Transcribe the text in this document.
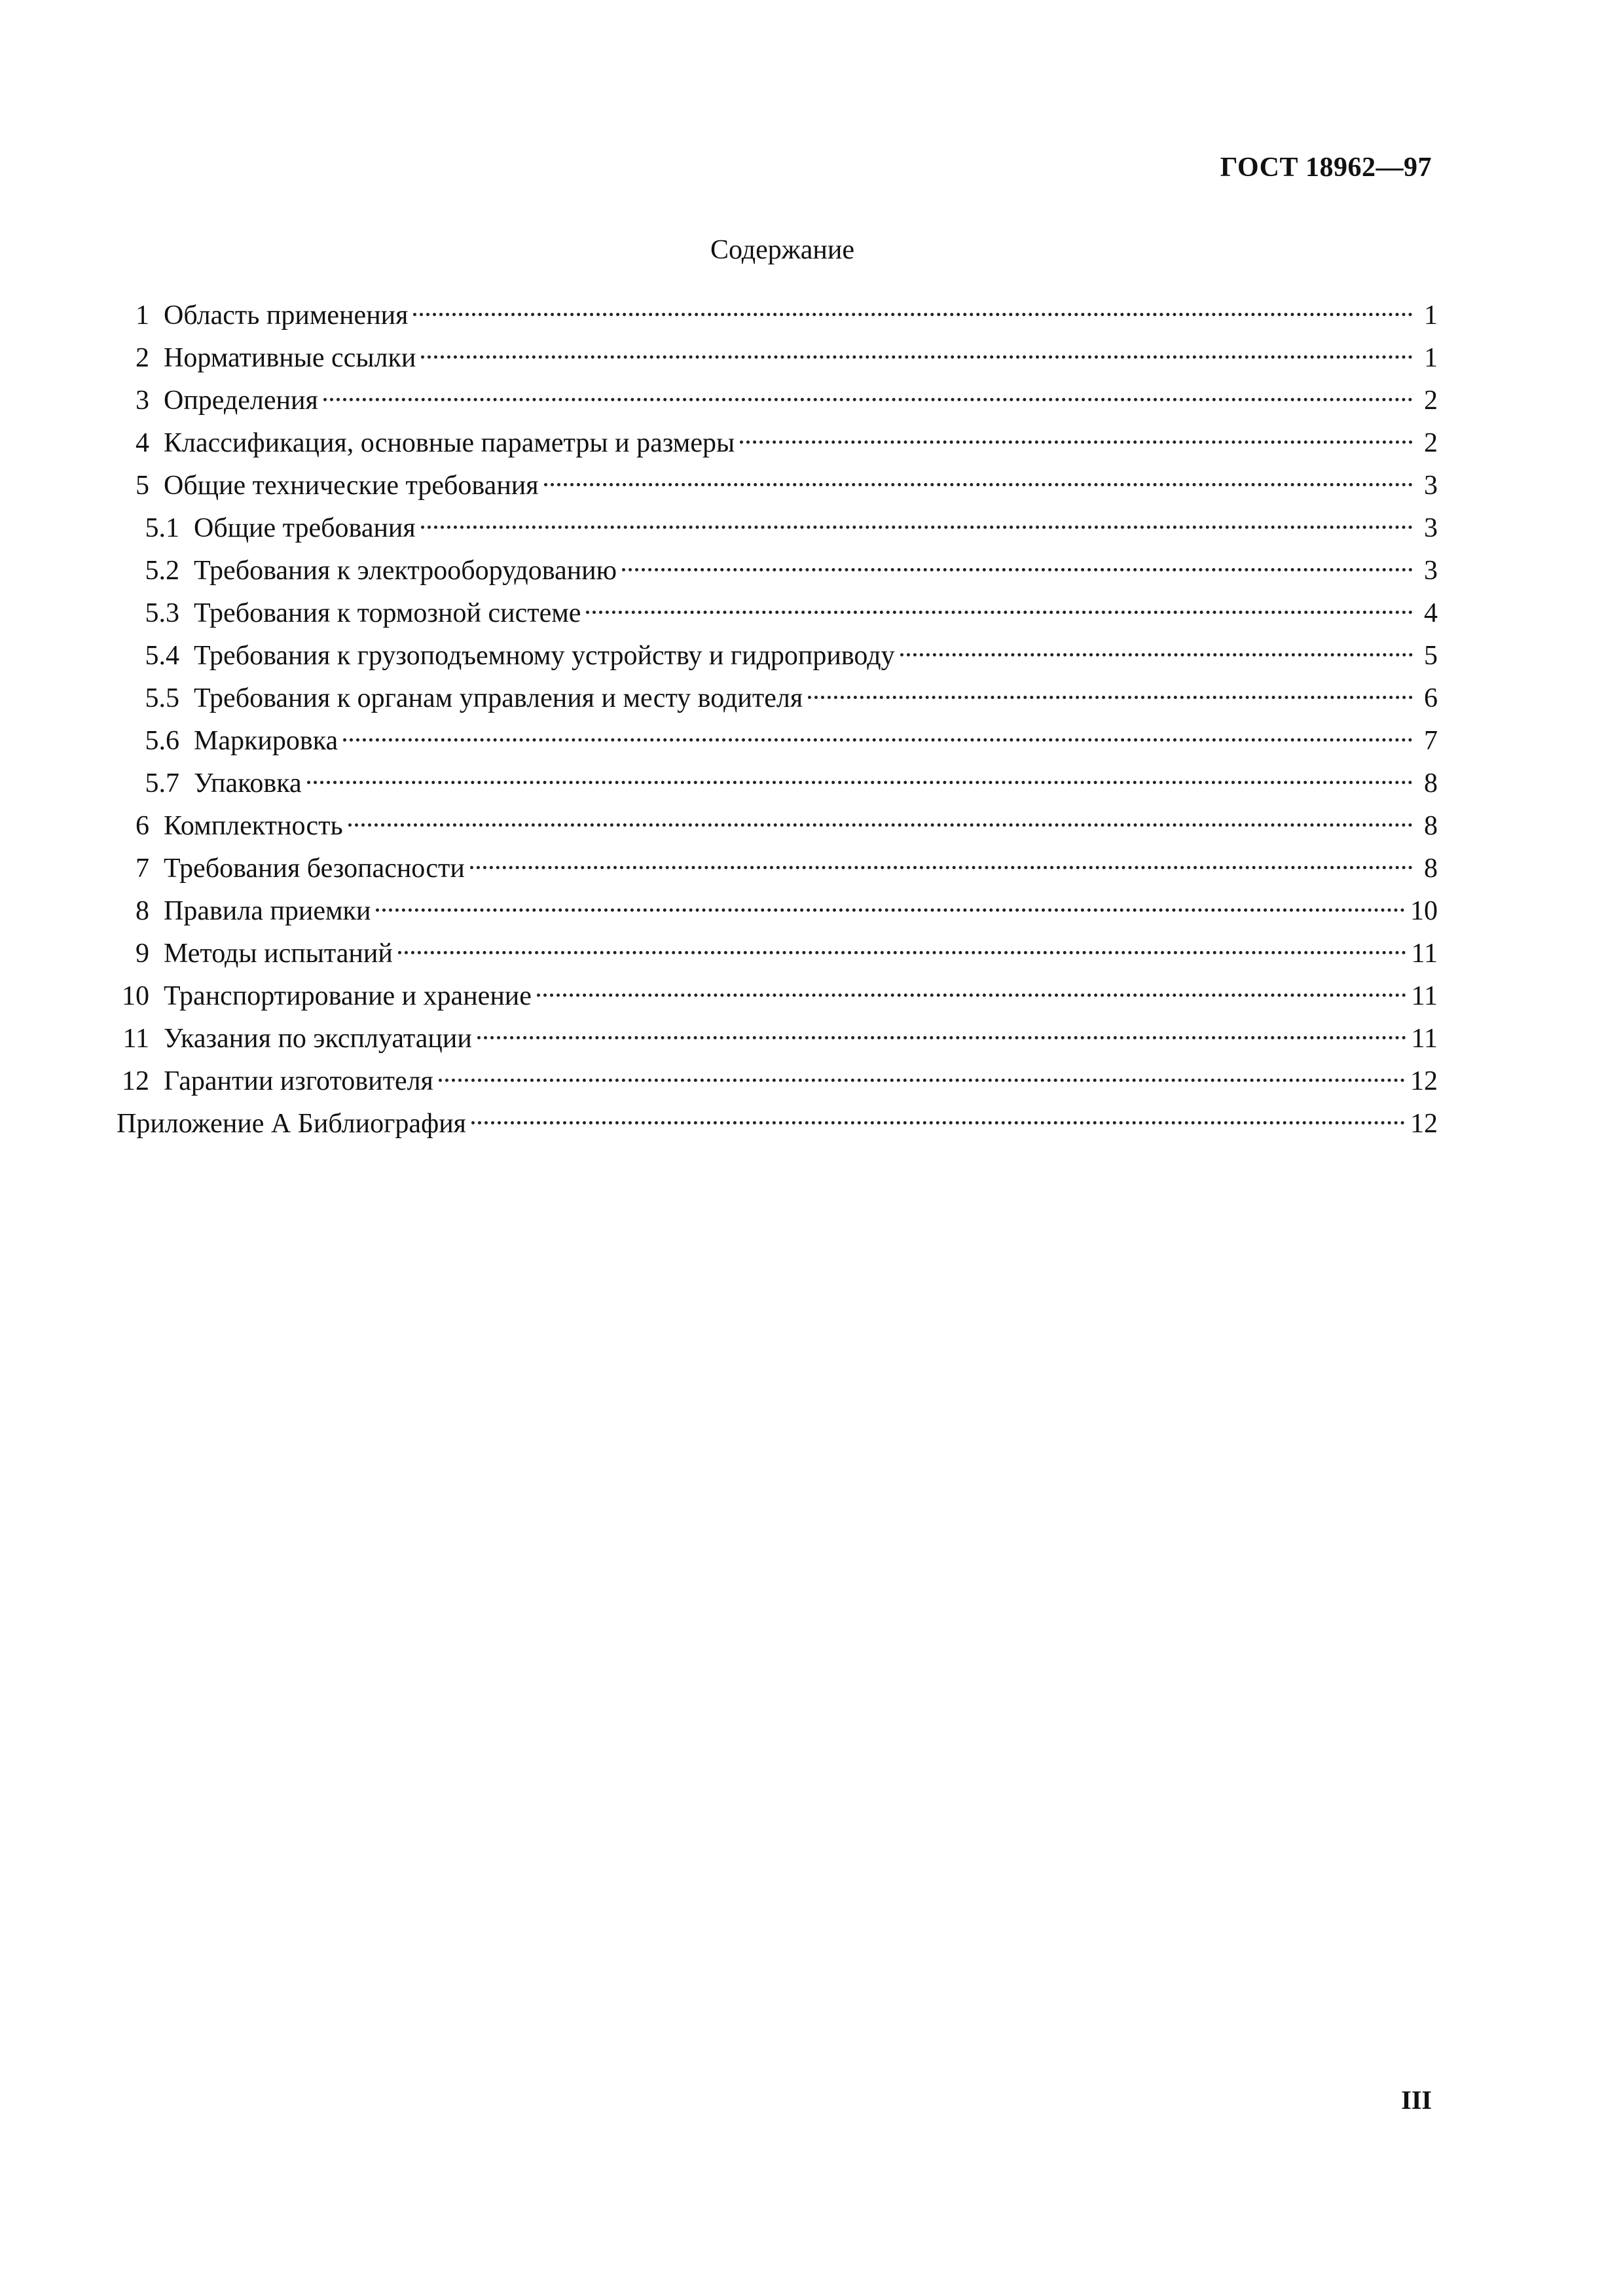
ГОСТ 18962—97
Содержание
1 Область применения	1
2 Нормативные ссылки	1
3 Определения	2
4 Классификация, основные параметры и размеры	2
5 Общие технические требования	3
5.1 Общие требования	3
5.2 Требования к электрооборудованию	3
5.3 Требования к тормозной системе	4
5.4 Требования к грузоподъемному устройству и гидроприводу	5
5.5 Требования к органам управления и месту водителя	6
5.6 Маркировка	7
5.7 Упаковка	8
6 Комплектность	8
7 Требования безопасности	8
8 Правила приемки	10
9 Методы испытаний	11
10 Транспортирование и хранение	11
11 Указания по эксплуатации	11
12 Гарантии изготовителя	12
Приложение А Библиография	12
III
